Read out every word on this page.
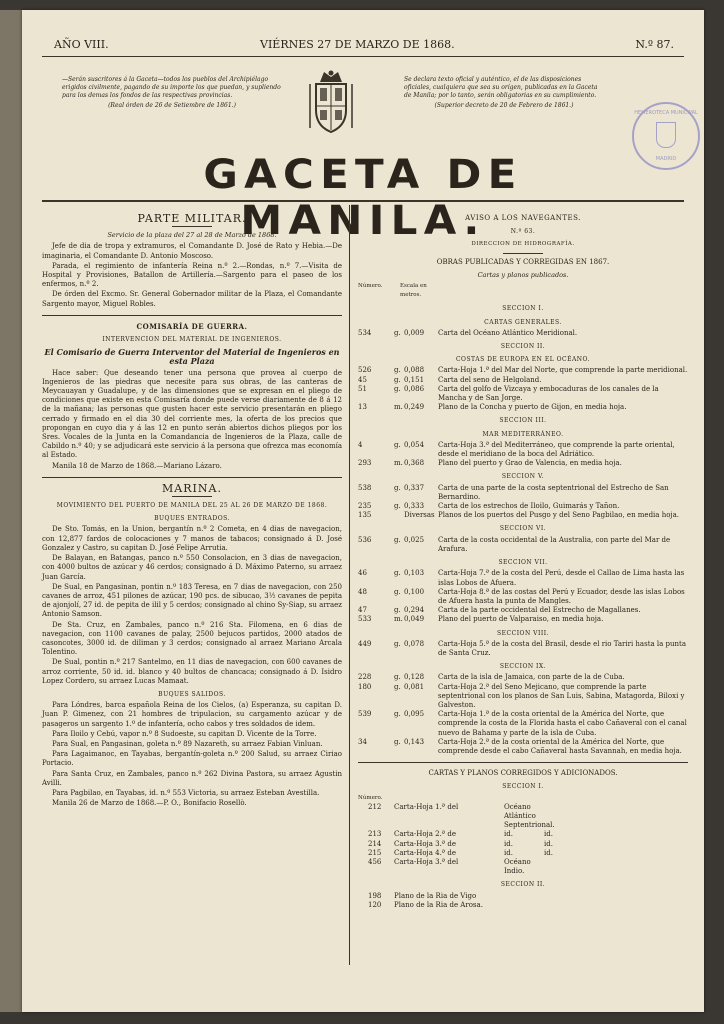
AÑO VIII.	VIÉRNES 27 DE MARZO DE 1868.	N.º 87.
—Serán suscritores á la Gaceta—todos los pueblos del Archipiélago erigidos civilmente, pagando de su importe los que puedan, y supliendo para los demas los fondos de las respectivas provincias.
(Real órden de 26 de Setiembre de 1861.)
Se declara texto oficial y auténtico, el de las disposiciones oficiales, cualquiera que sea su orígen, publicadas en la Gaceta de Manila; por lo tanto, serán obligatorias en su cumplimiento.
(Superior decreto de 20 de Febrero de 1861.)
HEMEROTECA MUNICIPAL
MADRID
GACETA DE MANILA.
PARTE MILITAR.
Servicio de la plaza del 27 al 28 de Marzo de 1868.

Jefe de dia de tropa y extramuros, el Comandante D. José de Rato y Hebia.—De imaginaria, el Comandante D. Antonio Moscoso.

Parada, el regimiento de infantería Reina n.º 2.—Rondas, n.º 7.—Visita de Hospital y Provisiones, Batallon de Artillería.—Sargento para el paseo de los enfermos, n.º 2.

De órden del Excmo. Sr. General Gobernador militar de la Plaza, el Comandante Sargento mayor, Miguel Robles.

COMISARÍA DE GUERRA.
INTERVENCION DEL MATERIAL DE INGENIEROS.
El Comisario de Guerra Interventor del Material de Ingenieros en esta Plaza

Hace saber: Que deseando tener una persona que provea al cuerpo de Ingenieros de las piedras que necesite para sus obras, de las canteras de Meycauayan y Guadalupe, y de las dimensiones que se expresan en el pliego de condiciones que existe en esta Comisaría donde puede verse diariamente de 8 á 12 de la mañana; las personas que gusten hacer este servicio presentarán en pliego cerrado y firmado en el dia 30 del corriente mes, la oferta de los precios que propongan en cuyo dia y á las 12 en punto serán abiertos dichos pliegos por los Sres. Vocales de la Junta en la Comandancia de Ingenieros de la Plaza, calle de Cabildo n.º 40; y se adjudicará este servicio á la persona que ofrezca mas economía al Estado.

Manila 18 de Marzo de 1868.—Mariano Lázaro.

MARINA.
MOVIMIENTO DEL PUERTO DE MANILA DEL 25 AL 26 DE MARZO DE 1868.
BUQUES ENTRADOS.

De Sto. Tomás, en la Union, bergantín n.º 2 Cometa, en 4 dias de navegacion, con 12,877 fardos de colocaciones y 7 manos de tabacos; consignado á D. José Gonzalez y Castro, su capitan D. José Felipe Arrutia.

De Balayan, en Batangas, panco n.º 550 Consolacion, en 3 dias de navegacion, con 4000 bultos de azúcar y 46 cerdos; consignado á D. Máximo Paterno, su arraez Juan García.

De Sual, en Pangasinan, pontin n.º 183 Teresa, en 7 dias de navegacion, con 250 cavanes de arroz, 451 pilones de azúcar, 190 pcs. de sibucao, 3½ cavanes de pepita de ajonjolí, 27 id. de pepita de ilil y 5 cerdos; consignado al chino Sy-Siap, su arraez Antonio Samson.

De Sta. Cruz, en Zambales, panco n.º 216 Sta. Filomena, en 6 dias de navegacion, con 1100 cavanes de palay, 2500 bejucos partidos, 2000 atados de casoncotes, 3000 id. de diliman y 3 cerdos; consignado al arraez Mariano Arcala Tolentino.

De Sual, pontin n.º 217 Santelmo, en 11 dias de navegacion, con 600 cavanes de arroz corriente, 50 id. id. blanco y 40 bultos de chancaca; consignado á D. Isidro Lopez Cordero, su arraez Lucas Mamaat.

BUQUES SALIDOS.

Para Lóndres, barca española Reina de los Cielos, (a) Esperanza, su capitan D. Juan P. Gimenez, con 21 hombres de tripulacion, su cargamento azúcar y de pasageros un sargento 1.º de infantería, ocho cabos y tres soldados de idem.

Para Iloilo y Cebú, vapor n.º 8 Sudoeste, su capitan D. Vicente de la Torre.

Para Sual, en Pangasinan, goleta n.º 89 Nazareth, su arraez Fabian Vinluan.

Para Lagaimanoc, en Tayabas, bergantín-goleta n.º 200 Salud, su arraez Ciriao Portacio.

Para Santa Cruz, en Zambales, panco n.º 262 Divina Pastora, su arraez Agustin Avilli.

Para Pagbilao, en Tayabas, id. n.º 553 Victoria, su arraez Esteban Avestilla.

Manila 26 de Marzo de 1868.—P. O., Bonifacio Rosellò.

AVISO A LOS NAVEGANTES.
N.º 63.
DIRECCION DE HIDROGRAFÍA.
OBRAS PUBLICADAS Y CORREGIDAS EN 1867.
Cartas y planos publicados.
Número.	Escala en metros.
SECCION I.
CARTAS GENERALES.
534	g. 0,009	Carta del Océano Atlántico Meridional.
SECCION II.
COSTAS DE EUROPA EN EL OCÉANO.
526	g. 0,088	Carta-Hoja 1.ª del Mar del Norte, que comprende la parte meridional.
45	g. 0,151	Carta del seno de Helgoland.
51	g. 0,086	Carta del golfo de Vizcaya y embocaduras de los canales de la Mancha y de San Jorge.
13	m. 0,249	Plano de la Concha y puerto de Gijon, en media hoja.
SECCION III.
MAR MEDITERRÁNEO.
4	g. 0,054	Carta-Hoja 3.ª del Mediterráneo, que comprende la parte oriental, desde el meridiano de la boca del Adriático.
293	m. 0,368	Plano del puerto y Grao de Valencia, en media hoja.
SECCION V.
538	g. 0,337	Carta de una parte de la costa septentrional del Estrecho de San Bernardino.
235	g. 0,333	Carta de los estrechos de Iloilo, Guimarás y Tañon.
135	Diversas Planos de los puertos del Pusgo y del Seno Pagbilao, en media hoja.
SECCION VI.
536	g. 0,025	Carta de la costa occidental de la Australia, con parte del Mar de Arafura.
SECCION VII.
46	g. 0,103	Carta-Hoja 7.ª de la costa del Perú, desde el Callao de Lima hasta las islas Lobos de Afuera.
48	g. 0,100	Carta-Hoja 8.ª de las costas del Perú y Ecuador, desde las islas Lobos de Afuera hasta la punta de Mangles.
47	g. 0,294	Carta de la parte occidental del Estrecho de Magallanes.
533	m. 0,049	Plano del puerto de Valparaiso, en media hoja.
SECCION VIII.
449	g. 0,078	Carta-Hoja 5.ª de la costa del Brasil, desde el rio Tariri hasta la punta de Santa Cruz.
SECCION IX.
228	g. 0,128	Carta de la isla de Jamaica, con parte de la de Cuba.
180	g. 0,081	Carta-Hoja 2.ª del Seno Mejicano, que comprende la parte septentrional con los planos de San Luis, Sabina, Matagorda, Biloxi y Galveston.
539	g. 0,095	Carta-Hoja 1.ª de la costa oriental de la América del Norte, que comprende la costa de la Florida hasta el cabo Cañaveral con el canal nuevo de Bahama y parte de la isla de Cuba.
34	g. 0,143	Carta-Hoja 2.ª de la costa oriental de la América del Norte, que comprende desde el cabo Cañaveral hasta Savannah, en media hoja.
CARTAS Y PLANOS CORREGIDOS Y ADICIONADOS.
SECCION I.
Número.
212	Carta-Hoja 1.ª del	Océano Atlántico Septentrional.
213	Carta-Hoja 2.ª de	id.	id.
214	Carta-Hoja 3.ª de	id.	id.
215	Carta-Hoja 4.ª de	id.	id.
456	Carta-Hoja 3.ª del	Océano Indio.
SECCION II.
198	Plano de la Ria de Vigo
120	Plano de la Ria de Arosa.
